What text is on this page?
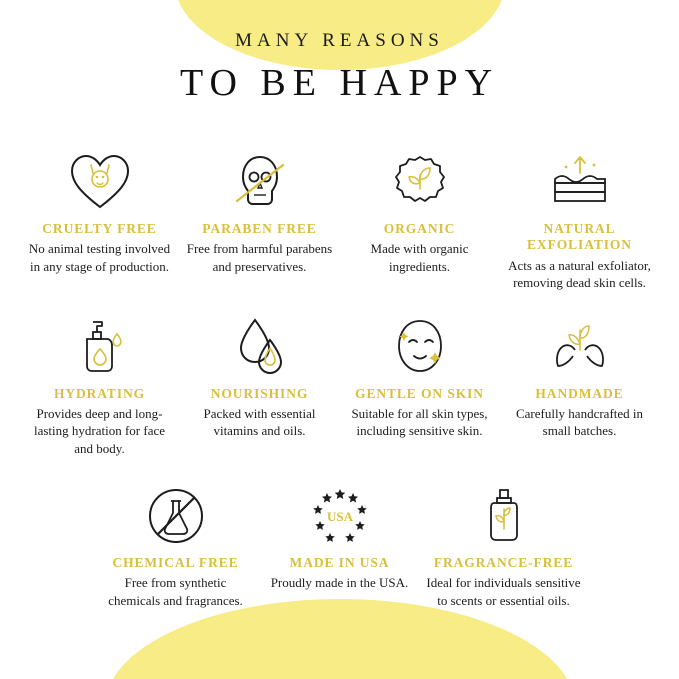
MANY REASONS
TO BE HAPPY
CRUELTY FREE
No animal testing involved in any stage of production.
PARABEN FREE
Free from harmful parabens and preservatives.
ORGANIC
Made with organic ingredients.
NATURAL EXFOLIATION
Acts as a natural exfoliator, removing dead skin cells.
HYDRATING
Provides deep and long-lasting hydration for face and body.
NOURISHING
Packed with essential vitamins and oils.
GENTLE ON SKIN
Suitable for all skin types, including sensitive skin.
HANDMADE
Carefully handcrafted in small batches.
CHEMICAL FREE
Free from synthetic chemicals and fragrances.
USA
MADE IN USA
Proudly made in the USA.
FRAGRANCE-FREE
Ideal for individuals sensitive to scents or essential oils.
